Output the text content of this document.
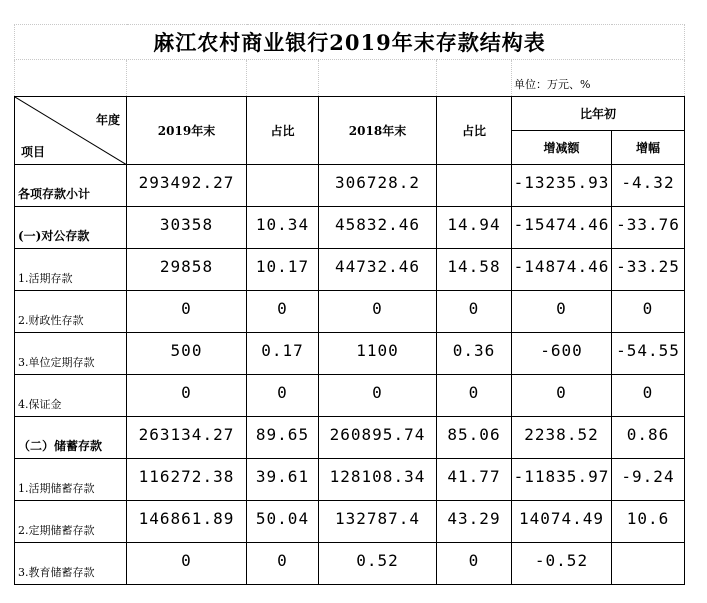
麻江农村商业银行2019年末存款结构表						
					单位：万元、%	

年度
项目	2019年末	占比	2018年末	占比	比年初	
					增减额	增幅
各项存款小计	293492.27		306728.2		-13235.93	-4.32
(一)对公存款	30358	10.34	45832.46	14.94	-15474.46	-33.76
1.活期存款	29858	10.17	44732.46	14.58	-14874.46	-33.25
2.财政性存款	0	0	0	0	0	0
3.单位定期存款	500	0.17	1100	0.36	-600	-54.55
4.保证金	0	0	0	0	0	0
（二）储蓄存款	263134.27	89.65	260895.74	85.06	2238.52	0.86
1.活期储蓄存款	116272.38	39.61	128108.34	41.77	-11835.97	-9.24
2.定期储蓄存款	146861.89	50.04	132787.4	43.29	14074.49	10.6
3.教育储蓄存款	0	0	0.52	0	-0.52	
